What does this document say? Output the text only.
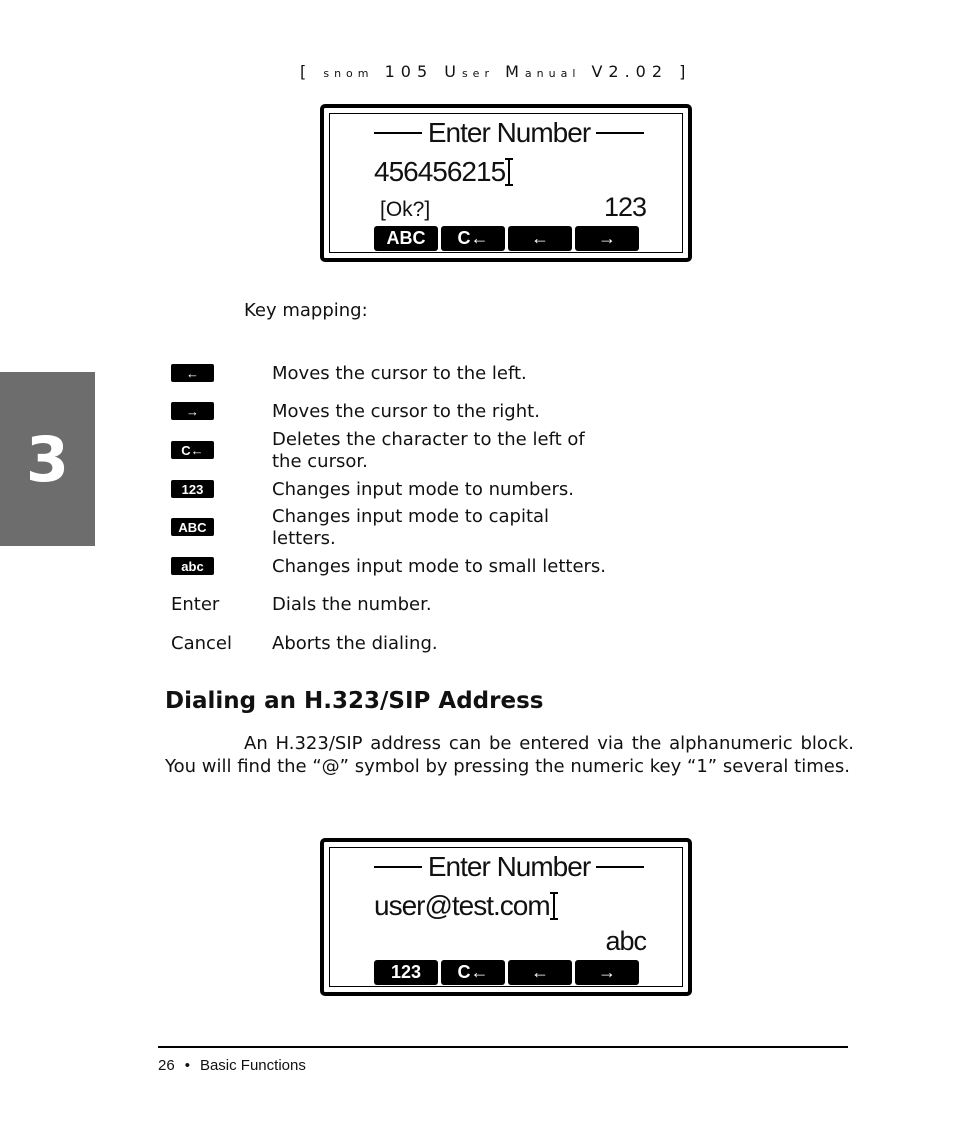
[ snom 105 User Manual V2.02 ]
3
Enter Number
456456215
[Ok?]	123
ABC	C←	←	→
Key mapping:
←	Moves the cursor to the left.
→	Moves the cursor to the right.
C←	Deletes the character to the left of the cursor.
123	Changes input mode to numbers.
ABC	Changes input mode to capital letters.
abc	Changes input mode to small letters.
Enter	Dials the number.
Cancel Aborts the dialing.
Dialing an H.323/SIP Address
An H.323/SIP address can be entered via the alphanumeric block. You will find the “@” symbol by pressing the numeric key “1” several times.
Enter Number
user@test.com
abc
123	C←	←	→
26 • Basic Functions
